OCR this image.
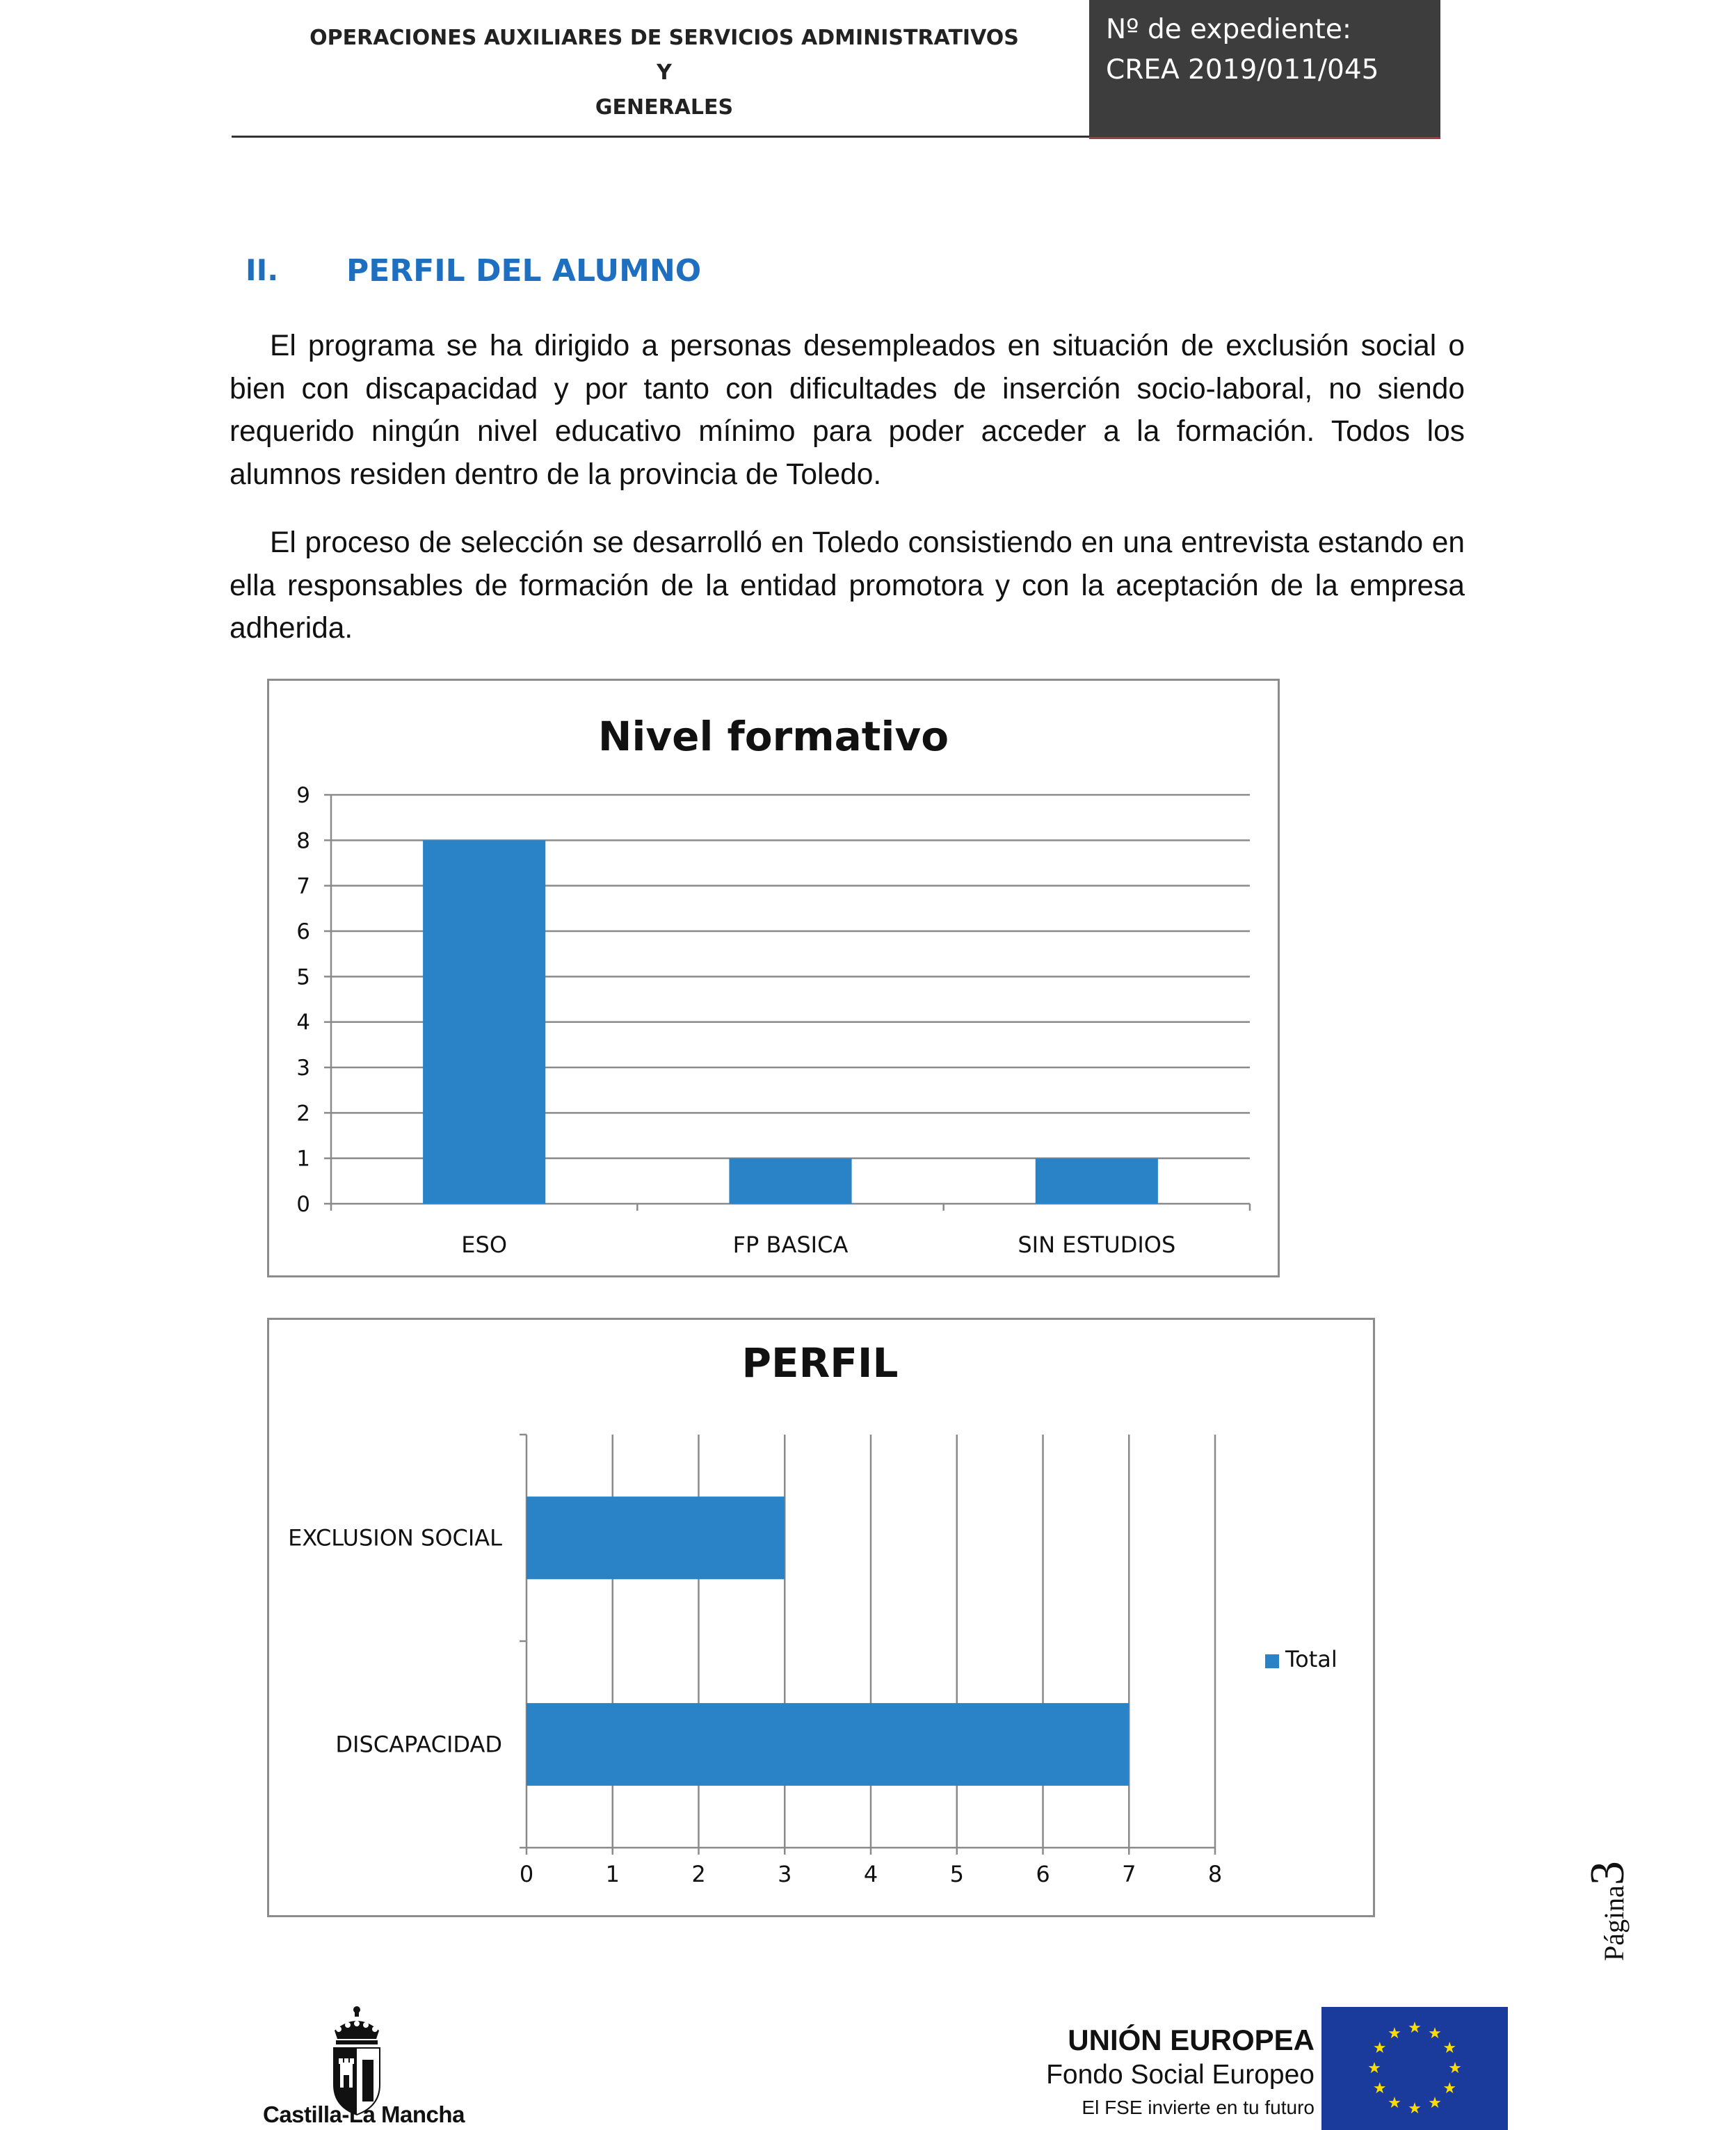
OPERACIONES AUXILIARES DE SERVICIOS ADMINISTRATIVOS Y
GENERALES
Nº de expediente:
CREA 2019/011/045
II. PERFIL DEL ALUMNO

El programa se ha dirigido a personas desempleados en situación de exclusión social o bien con discapacidad y por tanto con dificultades de inserción socio-laboral, no siendo requerido ningún nivel educativo mínimo para poder acceder a la formación. Todos los alumnos residen dentro de la provincia de Toledo.

El proceso de selección se desarrolló en Toledo consistiendo en una entrevista estando en ella responsables de formación de la entidad promotora y con la aceptación de la empresa adherida.

Nivel formativo
0
1
2
3
4
5
6
7
8
9
ESO	FP BASICA	SIN ESTUDIOS
PERFIL
0	1	2	3	4	5	6	7	8
EXCLUSION SOCIAL
DISCAPACIDAD
Total
Página3
Castilla-La Mancha
UNIÓN EUROPEA
Fondo Social Europeo
El FSE invierte en tu futuro
★ ★
★
★
★
★
★
★
★
★
★
★
